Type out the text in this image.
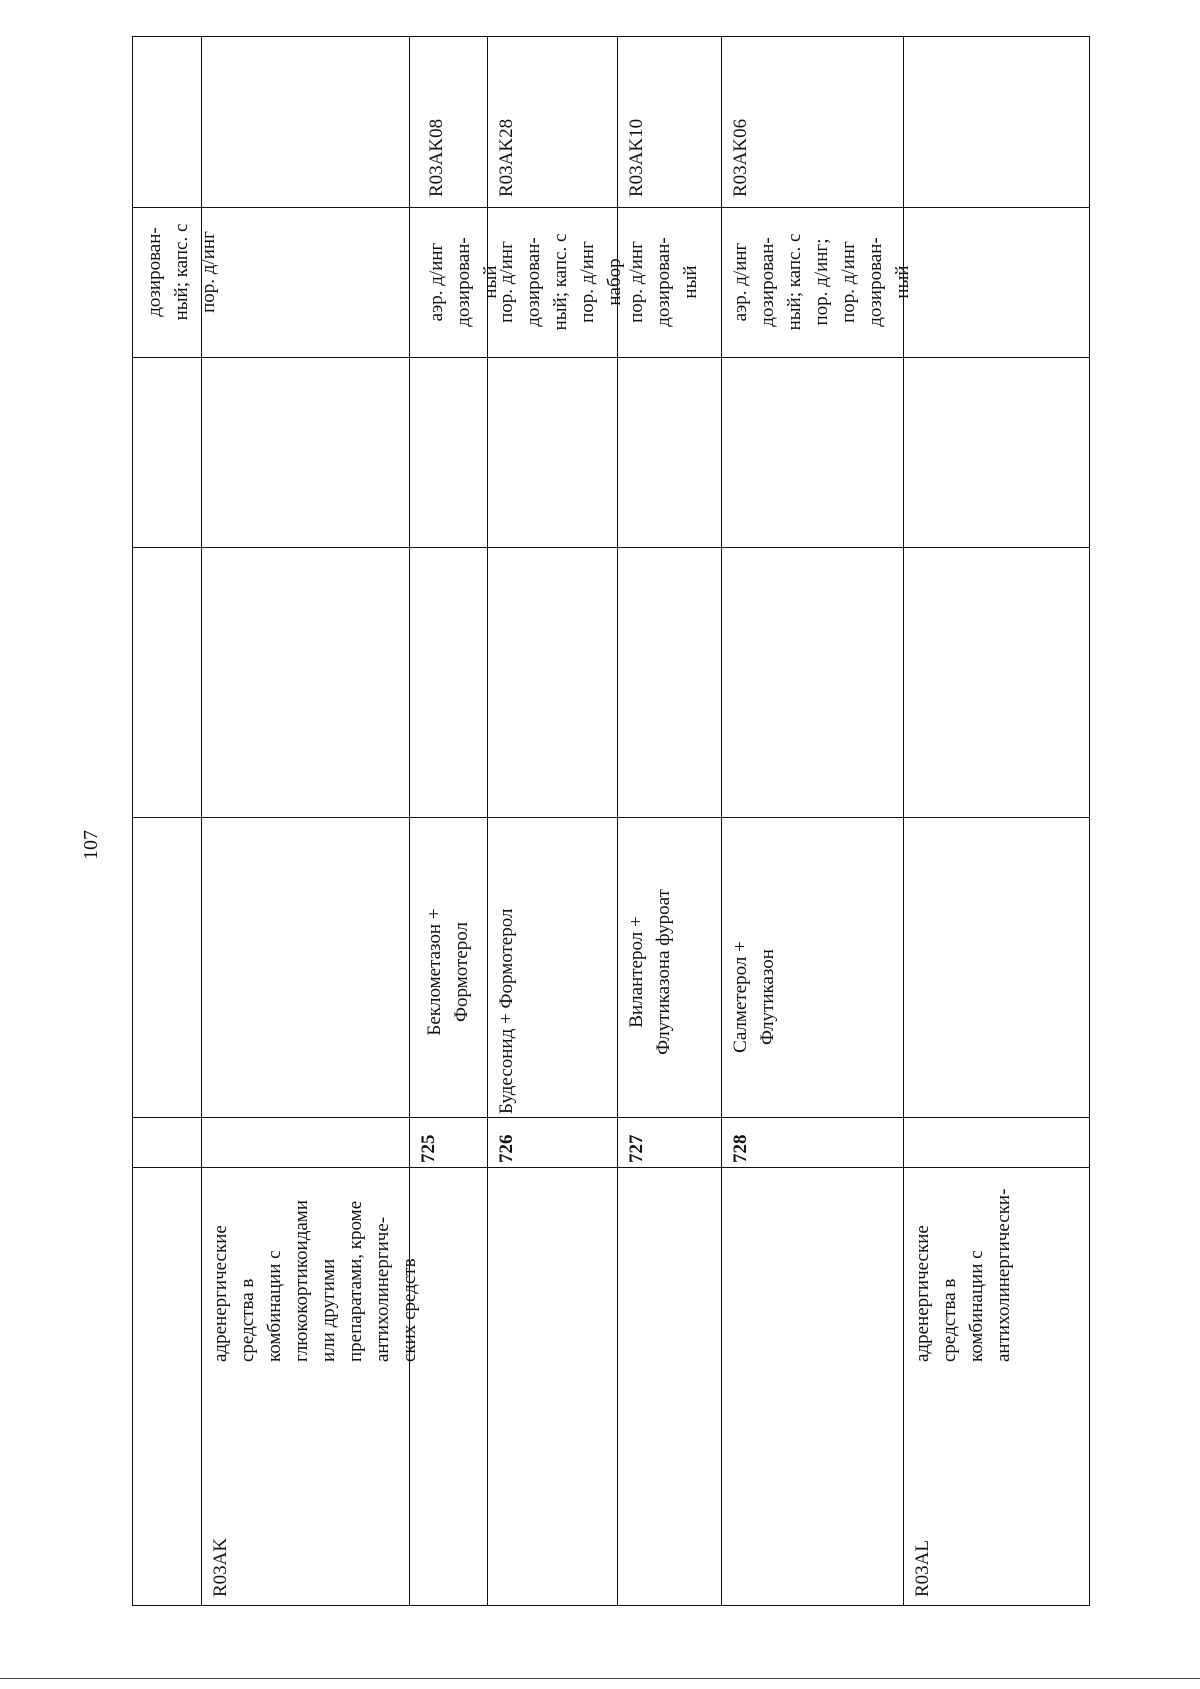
107
дозирован-
ный; капс. с
пор. д/инг
R03AK
адренергические
средства в
комбинации с
глюкокортикоидами
или другими
препаратами, кроме
антихолинергиче-
ских средств
725
Беклометазон +
Формотерол
аэр. д/инг
дозирован-
ный
R03AK08
726
Будесонид + Формотерол
пор. д/инг
дозирован-
ный; капс. с
пор. д/инг
набор
R03AK28
727
Вилантерол +
Флутиказона фуроат
пор. д/инг
дозирован-
ный
R03AK10
728
Салметерол +
Флутиказон
аэр. д/инг
дозирован-
ный; капс. с
пор. д/инг;
пор. д/инг
дозирован-
ный
R03AK06
R03AL
адренергические
средства в
комбинации с
антихолинергически-
